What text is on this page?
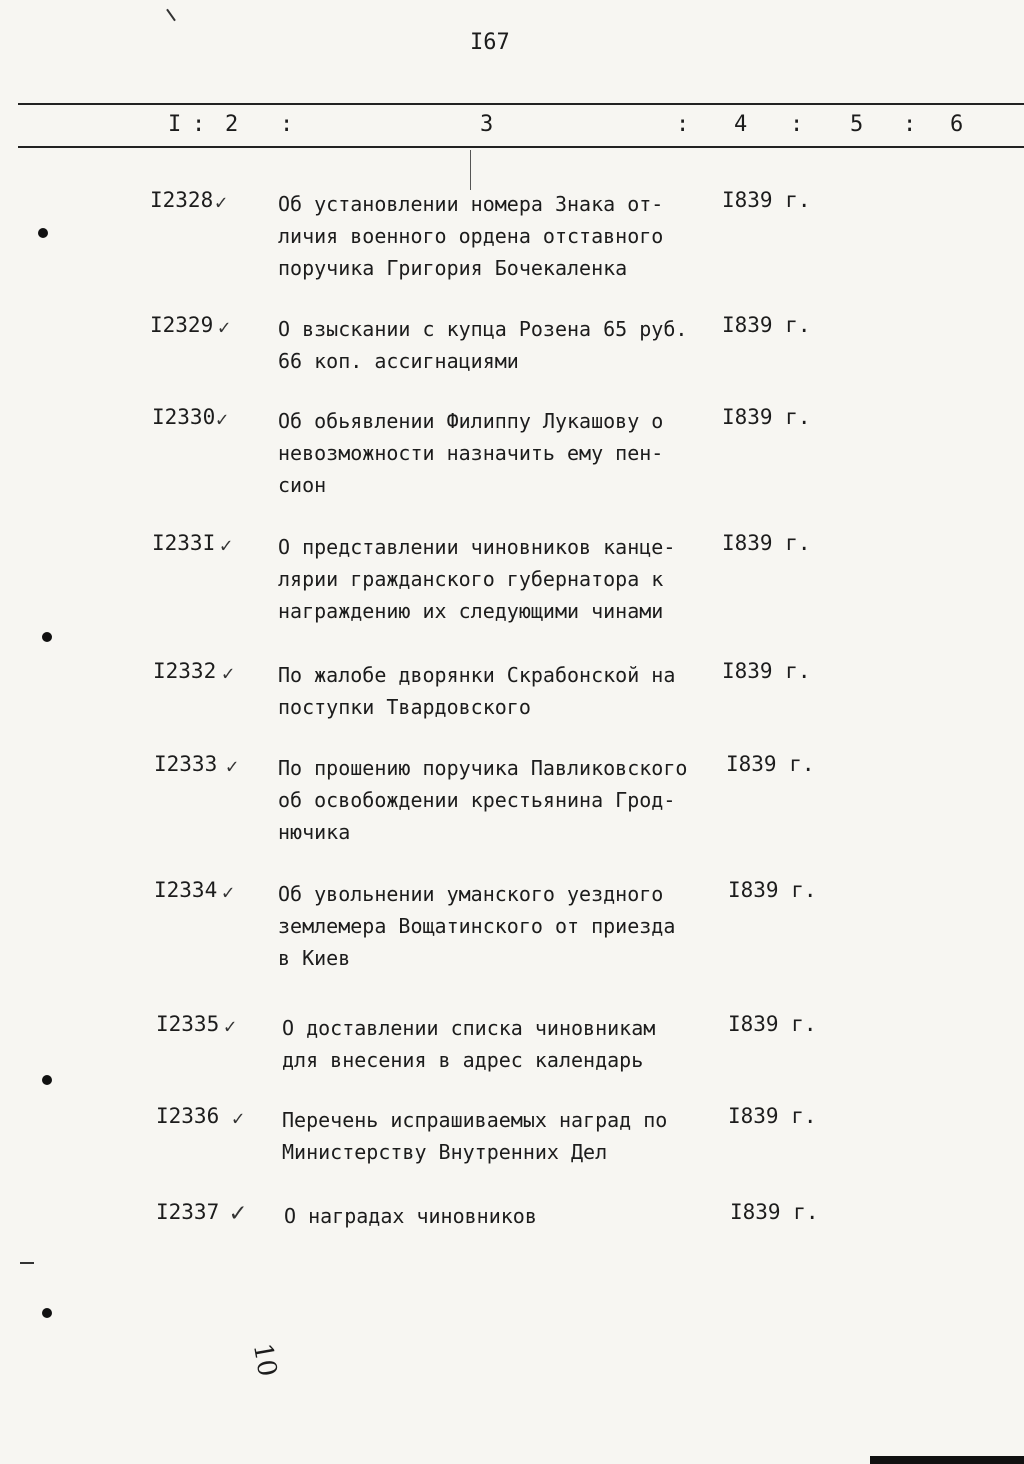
I67
I : 2 :	3	: 4 : 5 : 6
I2328 ✓	Об установлении номера Знака от-
личия военного ордена отставного
поручика Григория Бочекаленка
I839 г.
I2329 ✓ О взыскании с купца Розена 65 руб.
66 коп. ассигнациями
I839 г.
I2330 ✓ Об обьявлении Филиппу Лукашову о
невозможности назначить ему пен-
сион
I839 г.
I233I ✓ О представлении чиновников канце-
лярии гражданского губернатора к
награждению их следующими чинами
I839 г.
I2332 ✓ По жалобе дворянки Скрабонской на
поступки Твардовского
I839 г.
I2333 ✓ По прошению поручика Павликовского
об освобождении крестьянина Грод-
нючика
I839 г.
I2334 ✓ Об увольнении уманского уездного
землемера Вощатинского от приезда
в Киев
I839 г.
I2335 ✓ О доставлении списка чиновникам
для внесения в адрес календарь
I839 г.
I2336 ✓ Перечень испрашиваемых наград по
Министерству Внутренних Дел
I839 г.
I2337 ✓ О наградах чиновников	I839 г.
10
